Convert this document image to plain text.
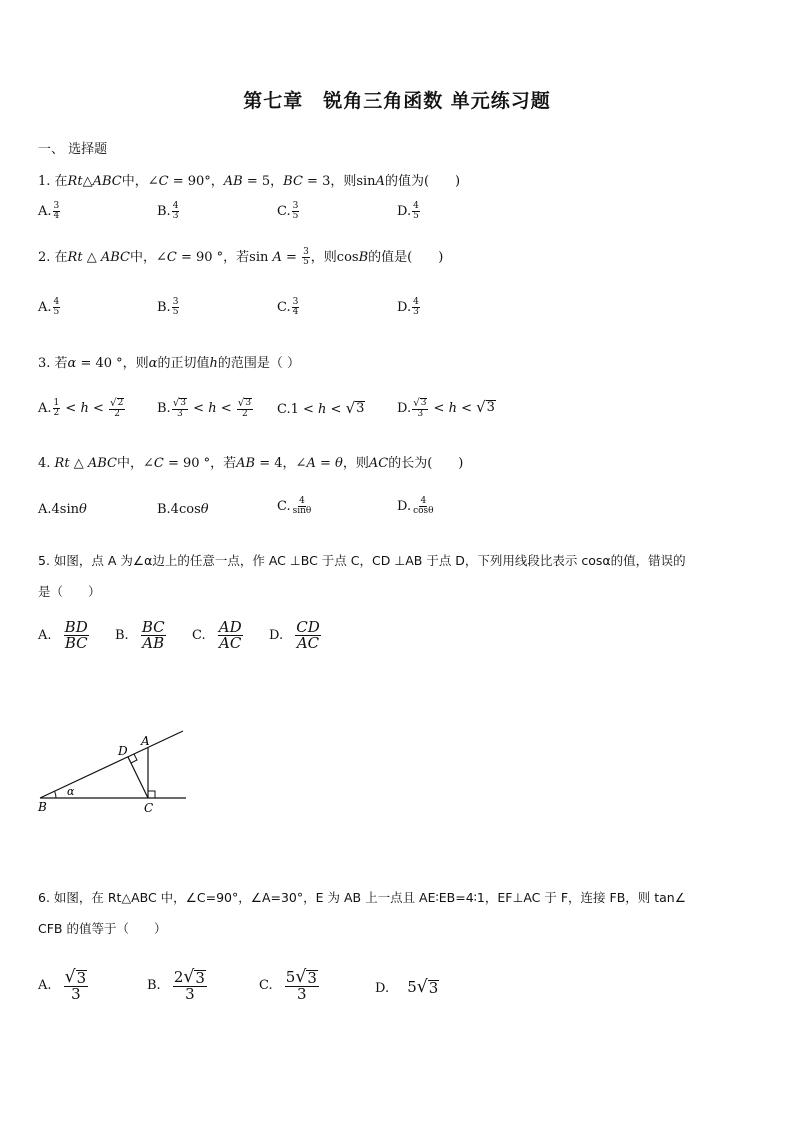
第七章　锐角三角函数 单元练习题
一、 选择题
1. 在Rt△ABC中，∠C = 90°，AB = 5，BC = 3，则sinA的值为(　　)
A. $\frac{3}{4}$	B. $\frac{4}{3}$	C. $\frac{3}{5}$	D. $\frac{4}{5}$
2. 在Rt △ ABC中，∠C = 90 °，若$\sin A = \frac{3}{5}$ ，则cosB的值是(　　)
A. $\frac{4}{5}$	B. $\frac{3}{5}$	C. $\frac{3}{4}$	D. $\frac{4}{3}$
3. 若α = 40 °，则α的正切值h的范围是（ ）
A. $\frac{1}{2} < h < \frac{√ 2}{2} B$. $\frac{√ 3}{3} < h < \frac{√ 3}{2} C.1 < h$ < √ 3	D. $\frac{√ 3}{3} < h$ < √ 3
4. Rt △ ABC中，∠C = 90 °，若AB = 4，∠A = θ，则AC的长为(　　)
A.4sinθ	B.4cosθ	C. $\frac{4}{\sin\theta}$	D. $\frac{4}{\cos\theta}$
5. 如图，点 A 为∠α边上的任意一点，作 AC ⊥BC 于点 C，CD ⊥AB 于点 D，下列用线段比表示 cosα的值，错误的
是（　　）
A. $\frac{BD}{BC} B$. $\frac{BC}{AB} C$. $\frac{AD}{AC} D$. $\frac{CD}{AC}$
A
B	C
D
α
6. 如图，在 Rt△ABC 中，∠C=90°，∠A=30°，E 为 AB 上一点且 AE∶EB=4∶1，EF⊥AC 于 F，连接 FB，则 tan∠
CFB 的值等于（　　）
A. $\frac{√ 3}{3}$	B. $\frac{2 √ 3}{3}$	C. $\frac{5 √ 3}{3}$	D. 5 √ 3
